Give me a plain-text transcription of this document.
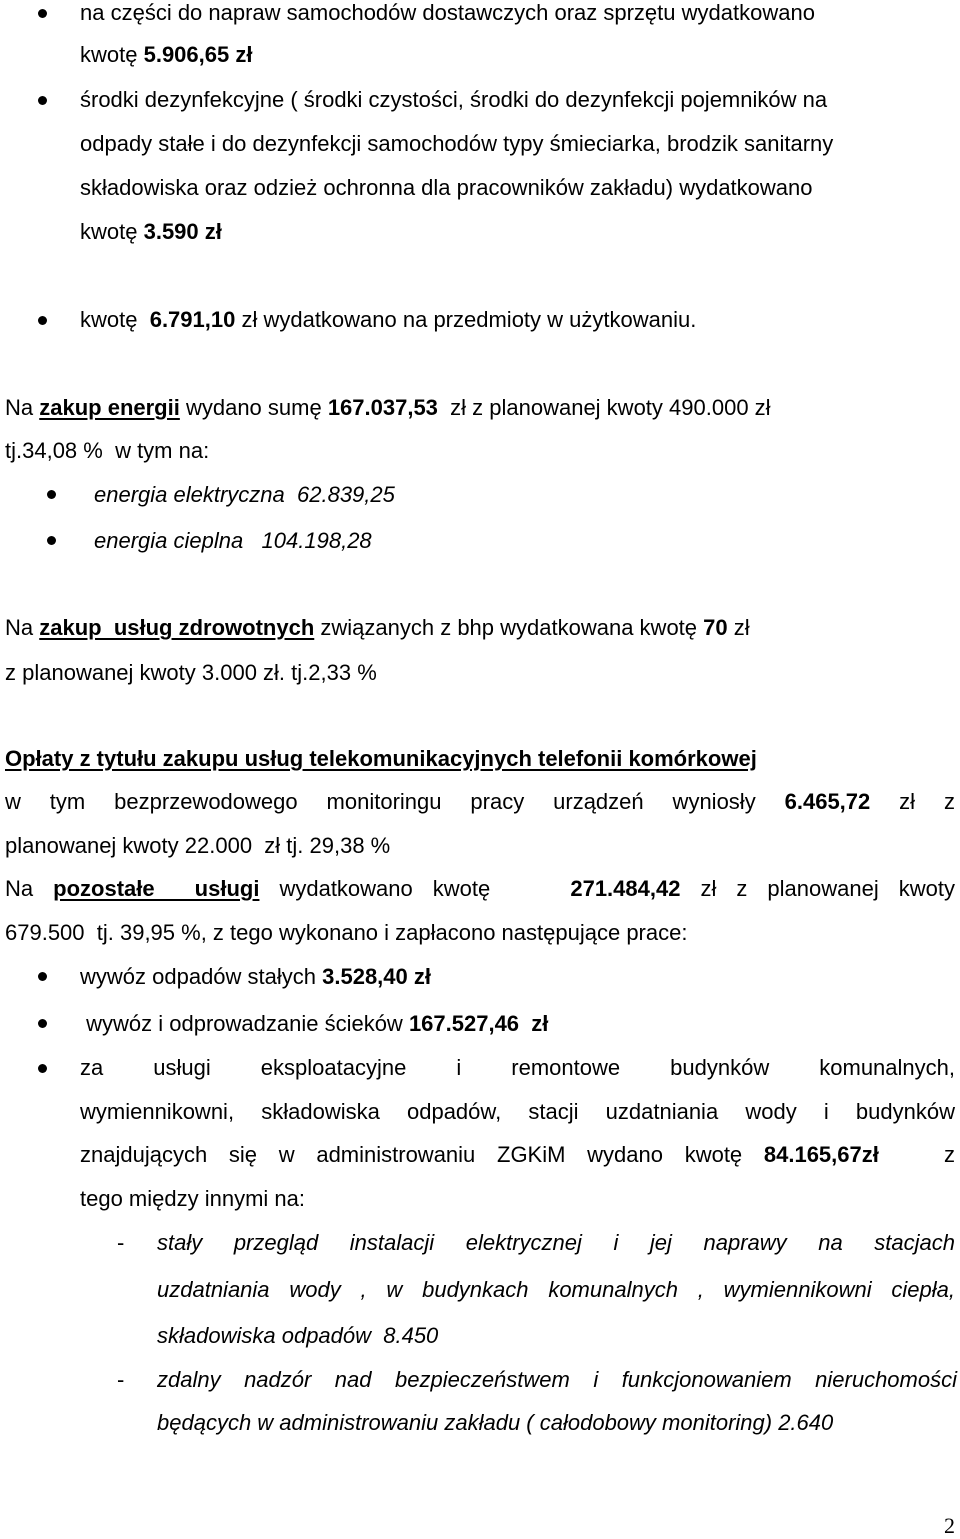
na części do napraw samochodów dostawczych oraz sprzętu wydatkowano
kwotę 5.906,65 zł
środki dezynfekcyjne ( środki czystości, środki do dezynfekcji pojemników na
odpady stałe i do dezynfekcji samochodów typy śmieciarka, brodzik sanitarny
składowiska oraz odzież ochronna dla pracowników zakładu) wydatkowano
kwotę 3.590 zł
kwotę  6.791,10 zł wydatkowano na przedmioty w użytkowaniu.
Na zakup energii wydano sumę 167.037,53  zł z planowanej kwoty 490.000 zł
tj.34,08 %  w tym na:
energia elektryczna  62.839,25
energia cieplna   104.198,28
Na zakup  usług zdrowotnych związanych z bhp wydatkowana kwotę 70 zł
z planowanej kwoty 3.000 zł. tj.2,33 %
Opłaty z tytułu zakupu usług telekomunikacyjnych telefonii komórkowej
w tym bezprzewodowego monitoringu pracy urządzeń wyniosły 6.465,72 zł z
planowanej kwoty 22.000  zł tj. 29,38 %
Na pozostałe  usługi wydatkowano kwotę    271.484,42 zł z planowanej kwoty
679.500  tj. 39,95 %, z tego wykonano i zapłacono następujące prace:
wywóz odpadów stałych 3.528,40 zł
wywóz i odprowadzanie ścieków 167.527,46  zł
za usługi eksploatacyjne i remontowe budynków komunalnych,
wymiennikowni, składowiska odpadów, stacji uzdatniania wody i budynków
znajdujących się w administrowaniu ZGKiM wydano kwotę 84.165,67zł   z
tego między innymi na:
- stały przegląd instalacji elektrycznej i jej naprawy na stacjach
uzdatniania wody , w budynkach komunalnych , wymiennikowni ciepła,
składowiska odpadów  8.450
- zdalny nadzór nad bezpieczeństwem i funkcjonowaniem nieruchomości
będących w administrowaniu zakładu ( całodobowy monitoring) 2.640
2
